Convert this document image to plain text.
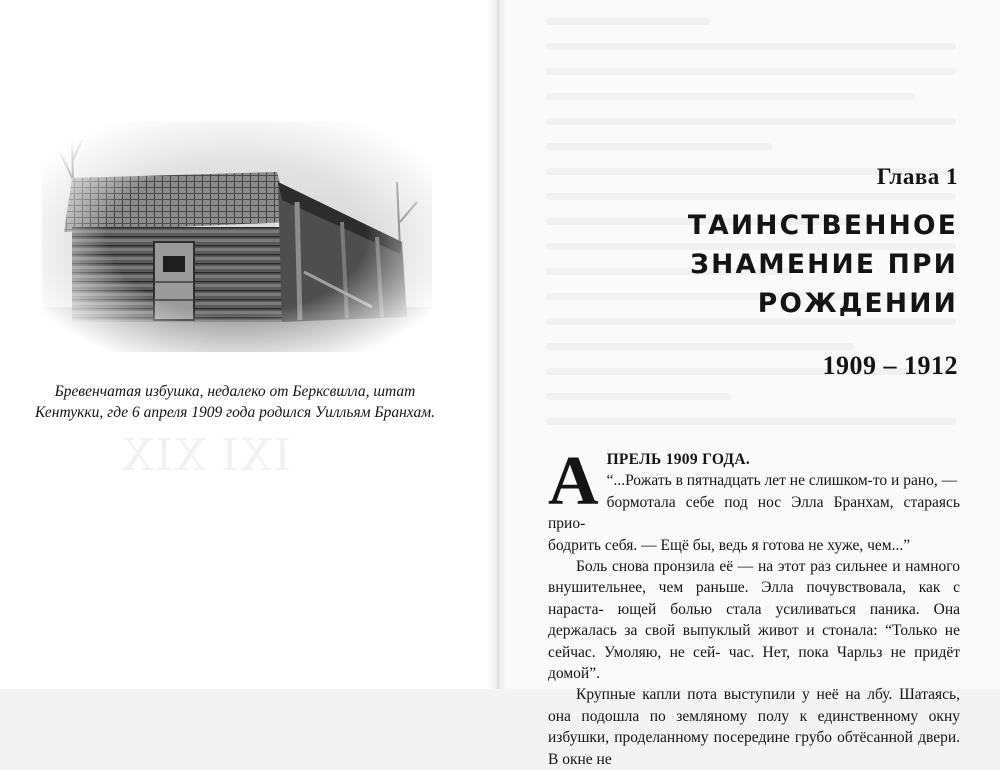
ⅠⅩⅠ ⅩⅠⅩ
Бревенчатая избушка, недалеко от Берксвилла, штат
Кентукки, где 6 апреля 1909 года родился Уилльям Бранхам.
Глава 1
ТАИНСТВЕННОЕ
ЗНАМЕНИЕ ПРИ
РОЖДЕНИИ
1909 – 1912
А ПРЕЛЬ 1909 ГОДА.
“...Рожать в пятнадцать лет не слишком-то и рано, —
бормотала себе под нос Элла Бранхам, стараясь прио-
бодрить себя. — Ещё бы, ведь я готова не хуже, чем...”

Боль снова пронзила её — на этот раз сильнее и намного внушительнее, чем раньше. Элла почувствовала, как с нараста- ющей болью стала усиливаться паника. Она держалась за свой выпуклый живот и стонала: “Только не сейчас. Умоляю, не сей- час. Нет, пока Чарльз не придёт домой”.

Крупные капли пота выступили у неё на лбу. Шатаясь, она подошла по земляному полу к единственному окну избушки, проделанному посередине грубо обтёсанной двери. В окне не
